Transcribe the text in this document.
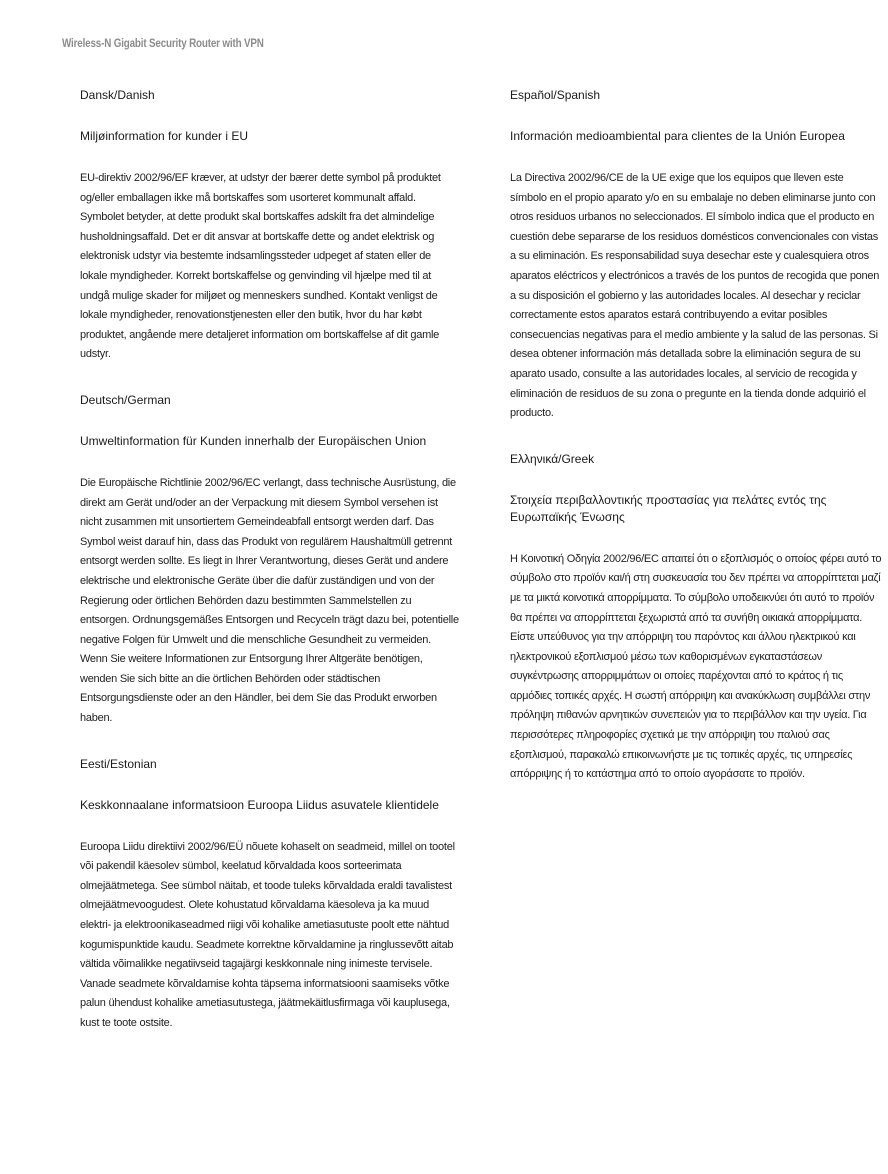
Wireless-N Gigabit Security Router with VPN
Dansk/Danish
Miljøinformation for kunder i EU

EU-direktiv 2002/96/EF kræver, at udstyr der bærer dette symbol på produktet og/eller emballagen ikke må bortskaffes som usorteret kommunalt affald. Symbolet betyder, at dette produkt skal bortskaffes adskilt fra det almindelige husholdningsaffald. Det er dit ansvar at bortskaffe dette og andet elektrisk og elektronisk udstyr via bestemte indsamlingssteder udpeget af staten eller de lokale myndigheder. Korrekt bortskaffelse og genvinding vil hjælpe med til at undgå mulige skader for miljøet og menneskers sundhed. Kontakt venligst de lokale myndigheder, renovationstjenesten eller den butik, hvor du har købt produktet, angående mere detaljeret information om bortskaffelse af dit gamle udstyr.

Deutsch/German
Umweltinformation für Kunden innerhalb der Europäischen Union

Die Europäische Richtlinie 2002/96/EC verlangt, dass technische Ausrüstung, die direkt am Gerät und/oder an der Verpackung mit diesem Symbol versehen ist nicht zusammen mit unsortiertem Gemeindeabfall entsorgt werden darf. Das Symbol weist darauf hin, dass das Produkt von regulärem Haushaltmüll getrennt entsorgt werden sollte. Es liegt in Ihrer Verantwortung, dieses Gerät und andere elektrische und elektronische Geräte über die dafür zuständigen und von der Regierung oder örtlichen Behörden dazu bestimmten Sammelstellen zu entsorgen. Ordnungsgemäßes Entsorgen und Recyceln trägt dazu bei, potentielle negative Folgen für Umwelt und die menschliche Gesundheit zu vermeiden. Wenn Sie weitere Informationen zur Entsorgung Ihrer Altgeräte benötigen, wenden Sie sich bitte an die örtlichen Behörden oder städtischen Entsorgungsdienste oder an den Händler, bei dem Sie das Produkt erworben haben.

Eesti/Estonian
Keskkonnaalane informatsioon Euroopa Liidus asuvatele klientidele

Euroopa Liidu direktiivi 2002/96/EÜ nõuete kohaselt on seadmeid, millel on tootel või pakendil käesolev sümbol, keelatud kõrvaldada koos sorteerimata olmejäätmetega. See sümbol näitab, et toode tuleks kõrvaldada eraldi tavalistest olmejäätmevoogudest. Olete kohustatud kõrvaldama käesoleva ja ka muud elektri- ja elektroonikaseadmed riigi või kohalike ametiasutuste poolt ette nähtud kogumispunktide kaudu. Seadmete korrektne kõrvaldamine ja ringlussevõtt aitab vältida võimalikke negatiivseid tagajärgi keskkonnale ning inimeste tervisele. Vanade seadmete kõrvaldamise kohta täpsema informatsiooni saamiseks võtke palun ühendust kohalike ametiasutustega, jäätmekäitlusfirmaga või kauplusega, kust te toote ostsite.

Español/Spanish
Información medioambiental para clientes de la Unión Europea

La Directiva 2002/96/CE de la UE exige que los equipos que lleven este símbolo en el propio aparato y/o en su embalaje no deben eliminarse junto con otros residuos urbanos no seleccionados. El símbolo indica que el producto en cuestión debe separarse de los residuos domésticos convencionales con vistas a su eliminación. Es responsabilidad suya desechar este y cualesquiera otros aparatos eléctricos y electrónicos a través de los puntos de recogida que ponen a su disposición el gobierno y las autoridades locales. Al desechar y reciclar correctamente estos aparatos estará contribuyendo a evitar posibles consecuencias negativas para el medio ambiente y la salud de las personas. Si desea obtener información más detallada sobre la eliminación segura de su aparato usado, consulte a las autoridades locales, al servicio de recogida y eliminación de residuos de su zona o pregunte en la tienda donde adquirió el producto.

Ελληνικά/Greek
Στοιχεία περιβαλλοντικής προστασίας για πελάτες εντός της Ευρωπαϊκής Ένωσης

Η Κοινοτική Οδηγία 2002/96/EC απαιτεί ότι ο εξοπλισμός ο οποίος φέρει αυτό το σύμβολο στο προϊόν και/ή στη συσκευασία του δεν πρέπει να απορρίπτεται μαζί με τα μικτά κοινοτικά απορρίμματα. Το σύμβολο υποδεικνύει ότι αυτό το προϊόν θα πρέπει να απορρίπτεται ξεχωριστά από τα συνήθη οικιακά απορρίμματα. Είστε υπεύθυνος για την απόρριψη του παρόντος και άλλου ηλεκτρικού και ηλεκτρονικού εξοπλισμού μέσω των καθορισμένων εγκαταστάσεων συγκέντρωσης απορριμμάτων οι οποίες παρέχονται από το κράτος ή τις αρμόδιες τοπικές αρχές. Η σωστή απόρριψη και ανακύκλωση συμβάλλει στην πρόληψη πιθανών αρνητικών συνεπειών για το περιβάλλον και την υγεία. Για περισσότερες πληροφορίες σχετικά με την απόρριψη του παλιού σας εξοπλισμού, παρακαλώ επικοινωνήστε με τις τοπικές αρχές, τις υπηρεσίες απόρριψης ή το κατάστημα από το οποίο αγοράσατε το προϊόν.
